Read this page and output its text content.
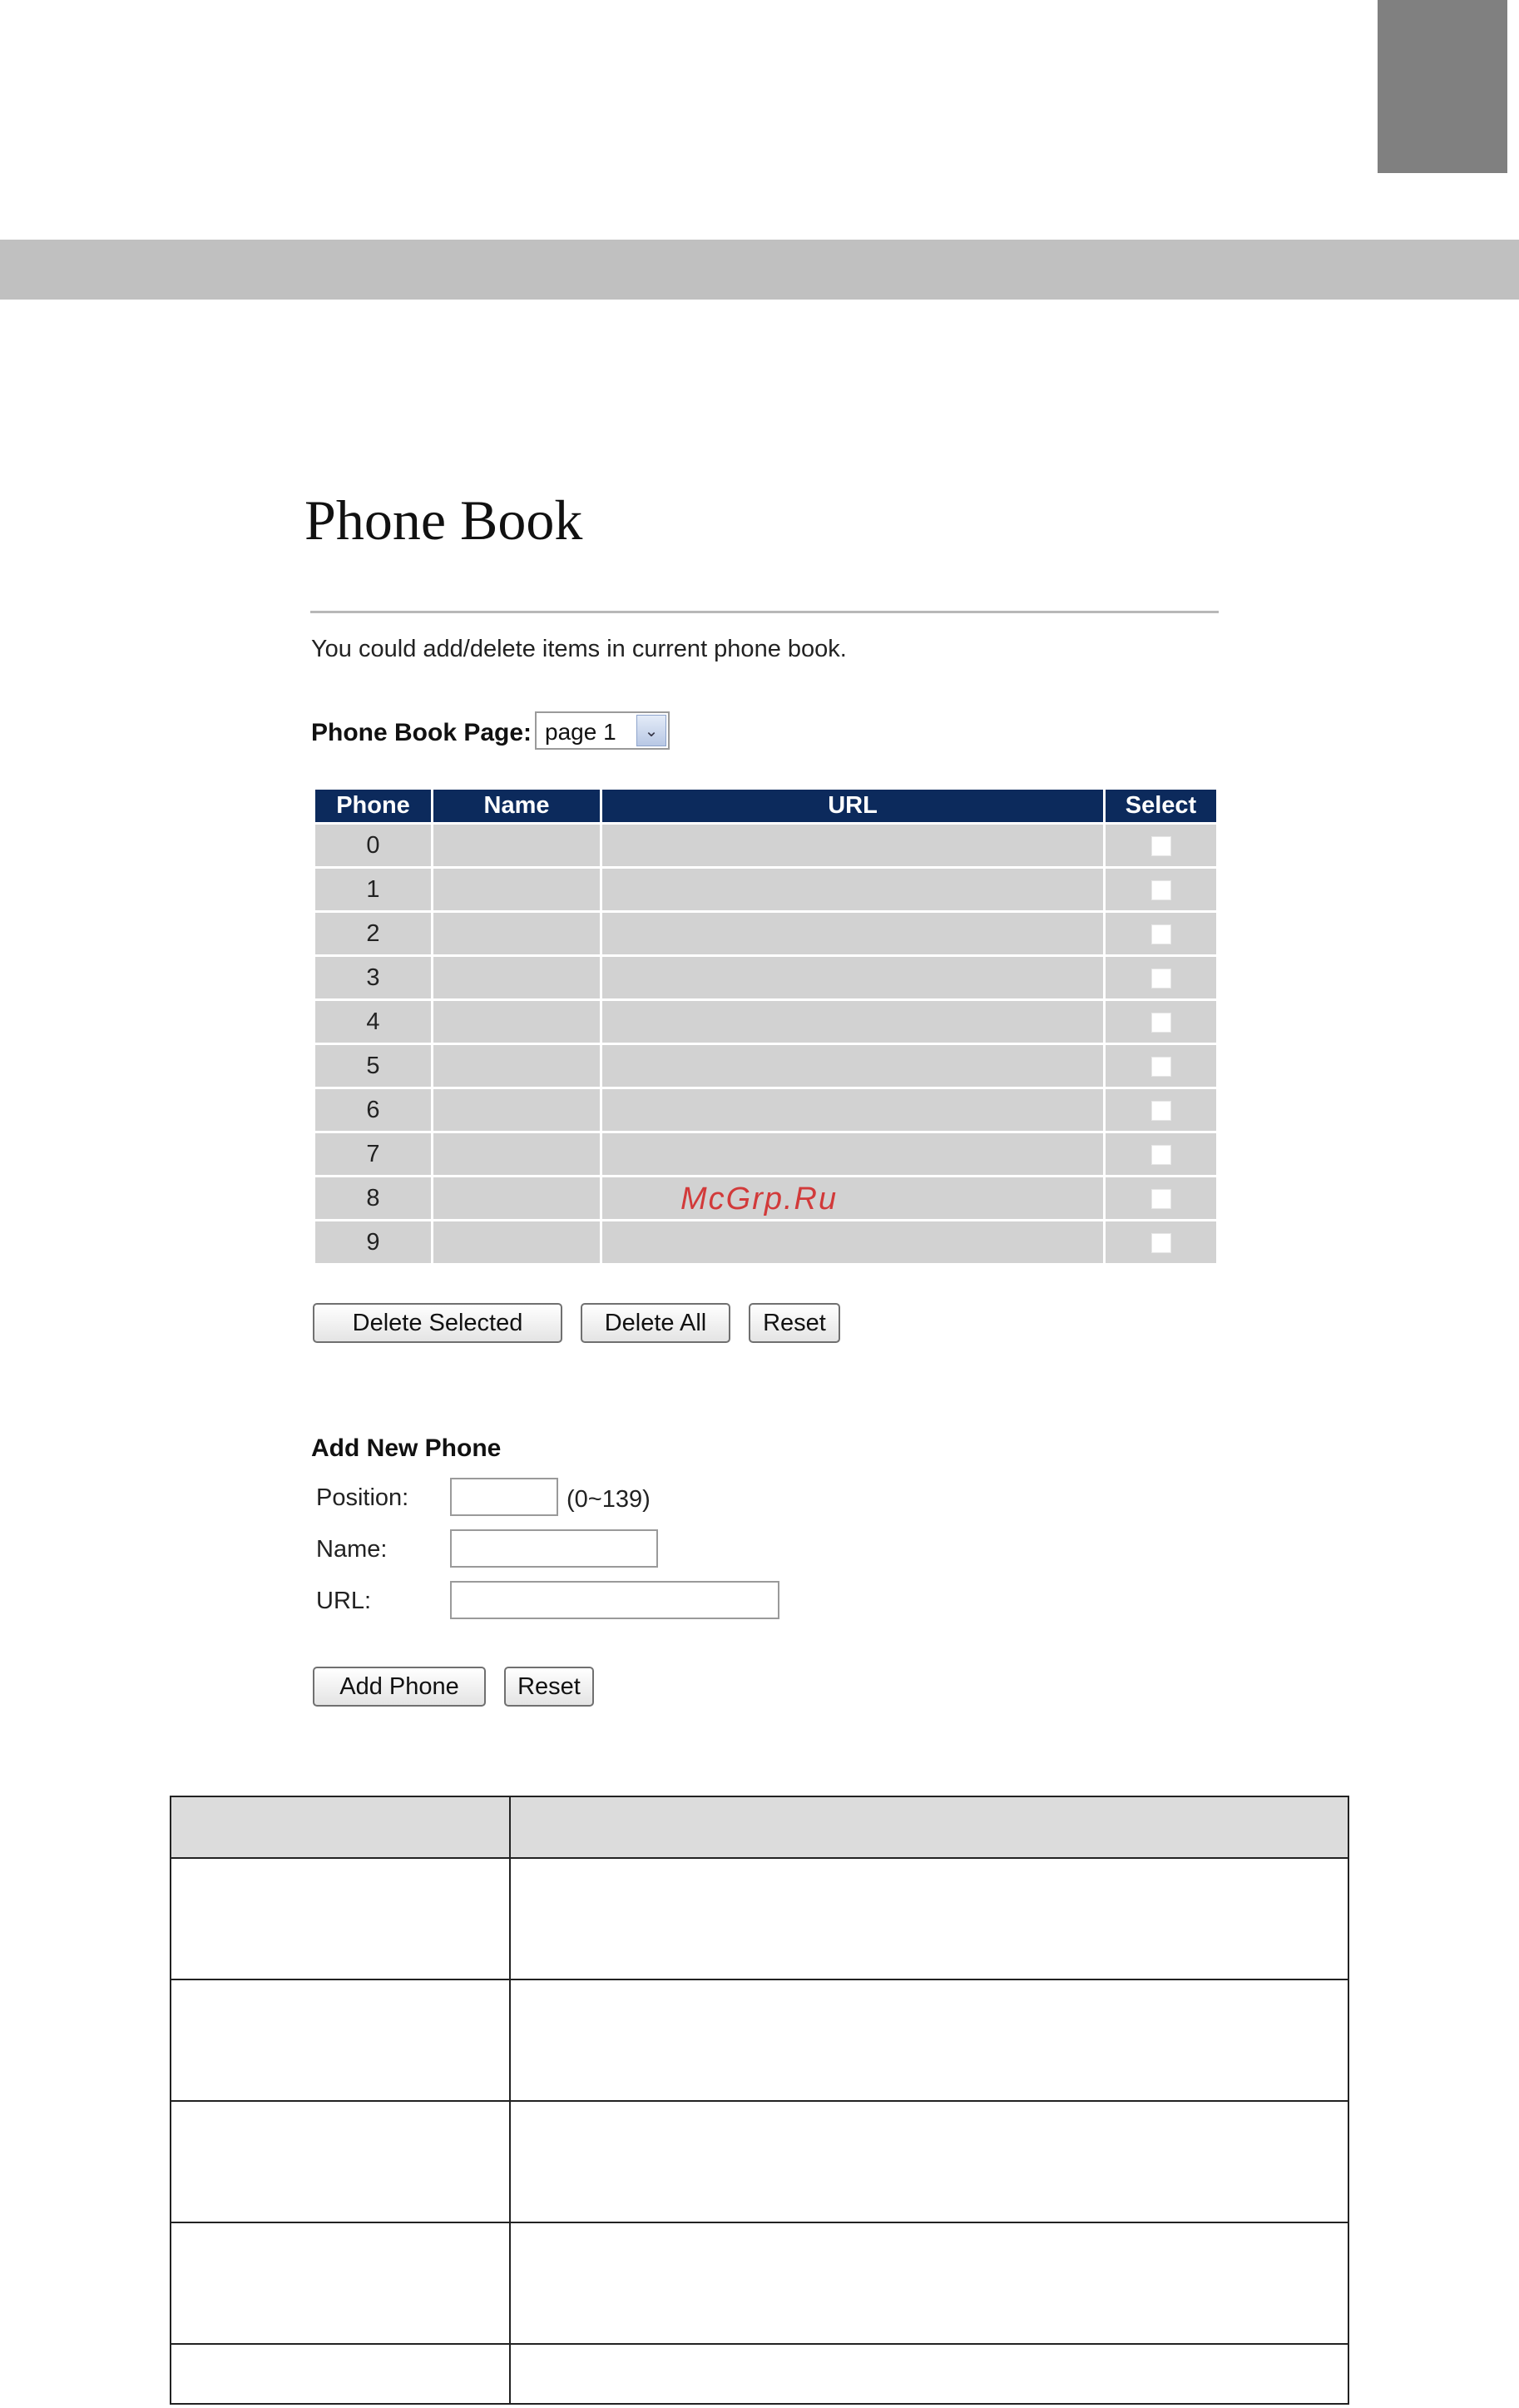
Phone Book
You could add/delete items in current phone book.
Phone Book Page: page 1	⌄
Phone	Name	URL	Select
0			
1			
2			
3			
4			
5			
6			
7			
8			
9			
McGrp.Ru
Delete Selected	Delete All	Reset
Add New Phone
Position:	(0~139)
Name:
URL:
Add Phone	Reset
